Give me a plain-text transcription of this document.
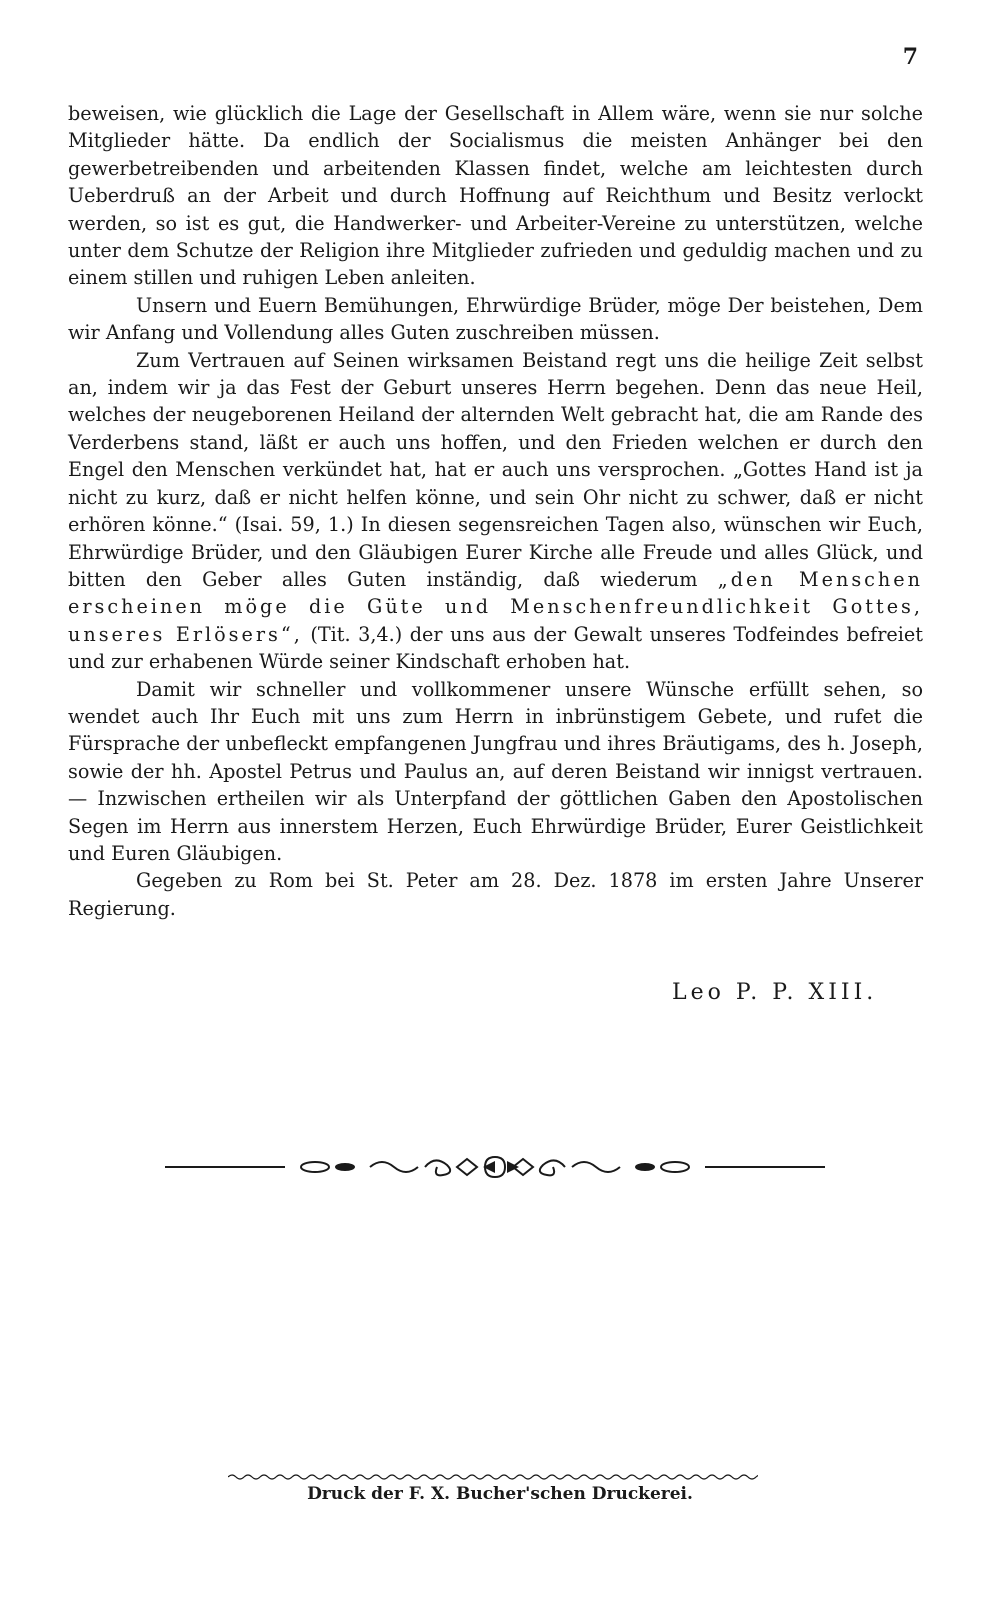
7

beweisen, wie glücklich die Lage der Gesellschaft in Allem wäre, wenn sie nur solche Mitglieder hätte. Da endlich der Socialismus die meisten Anhänger bei den gewerbetreibenden und arbeitenden Klassen findet, welche am leichtesten durch Ueberdruß an der Arbeit und durch Hoffnung auf Reichthum und Besitz verlockt werden, so ist es gut, die Handwerker- und Arbeiter-Vereine zu unterstützen, welche unter dem Schutze der Religion ihre Mitglieder zufrieden und geduldig machen und zu einem stillen und ruhigen Leben anleiten.

Unsern und Euern Bemühungen, Ehrwürdige Brüder, möge Der beistehen, Dem wir Anfang und Vollendung alles Guten zuschreiben müssen.

Zum Vertrauen auf Seinen wirksamen Beistand regt uns die heilige Zeit selbst an, indem wir ja das Fest der Geburt unseres Herrn begehen. Denn das neue Heil, welches der neugeborenen Heiland der alternden Welt gebracht hat, die am Rande des Verderbens stand, läßt er auch uns hoffen, und den Frieden welchen er durch den Engel den Menschen verkündet hat, hat er auch uns versprochen. „Gottes Hand ist ja nicht zu kurz, daß er nicht helfen könne, und sein Ohr nicht zu schwer, daß er nicht erhören könne.“ (Isai. 59, 1.) In diesen segensreichen Tagen also, wünschen wir Euch, Ehrwürdige Brüder, und den Gläubigen Eurer Kirche alle Freude und alles Glück, und bitten den Geber alles Guten inständig, daß wiederum „den Menschen erscheinen möge die Güte und Menschenfreundlichkeit Gottes, unseres Erlösers“, (Tit. 3,4.) der uns aus der Gewalt unseres Todfeindes befreiet und zur erhabenen Würde seiner Kindschaft erhoben hat.

Damit wir schneller und vollkommener unsere Wünsche erfüllt sehen, so wendet auch Ihr Euch mit uns zum Herrn in inbrünstigem Gebete, und rufet die Fürsprache der unbefleckt empfangenen Jungfrau und ihres Bräutigams, des h. Joseph, sowie der hh. Apostel Petrus und Paulus an, auf deren Beistand wir innigst vertrauen. — Inzwischen ertheilen wir als Unterpfand der göttlichen Gaben den Apostolischen Segen im Herrn aus innerstem Herzen, Euch Ehrwürdige Brüder, Eurer Geistlichkeit und Euren Gläubigen.

Gegeben zu Rom bei St. Peter am 28. Dez. 1878 im ersten Jahre Unserer Regierung.

Leo P. P. XIII.
Druck der F. X. Bucher'schen Druckerei.
